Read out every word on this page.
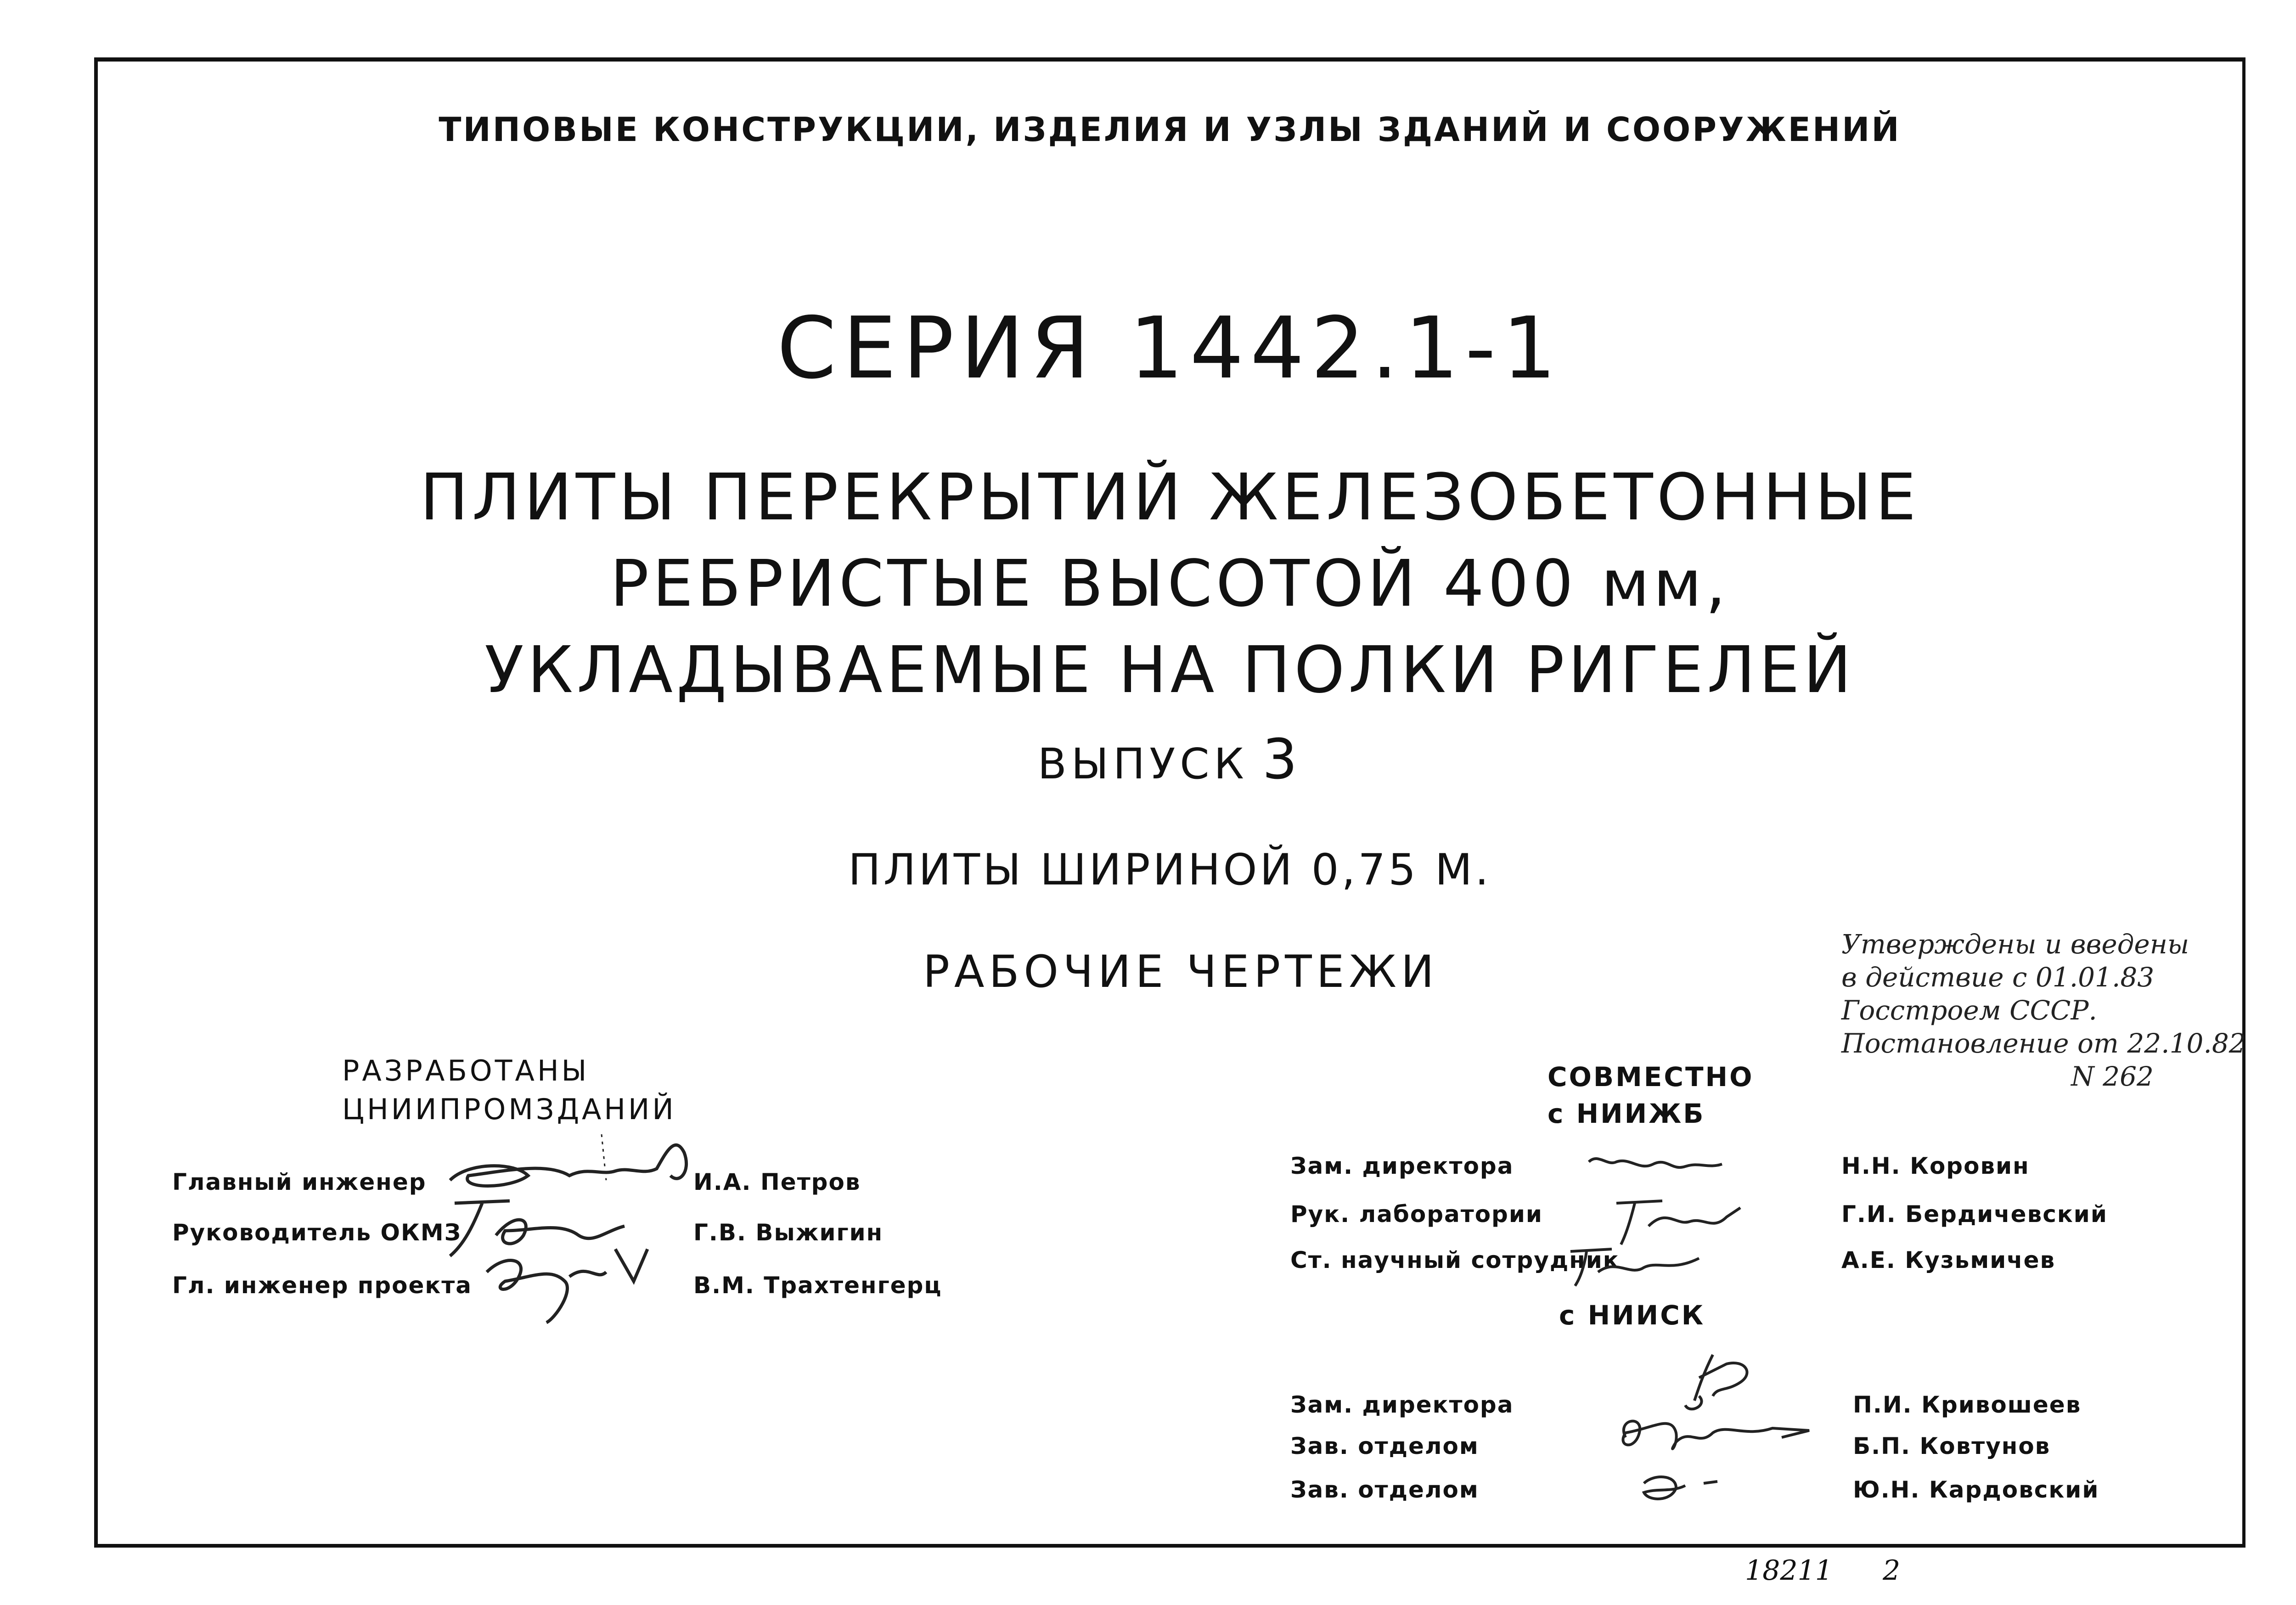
ТИПОВЫЕ КОНСТРУКЦИИ, ИЗДЕЛИЯ И УЗЛЫ ЗДАНИЙ И СООРУЖЕНИЙ
СЕРИЯ 1442.1-1
ПЛИТЫ ПЕРЕКРЫТИЙ ЖЕЛЕЗОБЕТОННЫЕ
РЕБРИСТЫЕ ВЫСОТОЙ 400 мм,
УКЛАДЫВАЕМЫЕ НА ПОЛКИ РИГЕЛЕЙ
ВЫПУСК 3
ПЛИТЫ ШИРИНОЙ 0,75 М.
РАБОЧИЕ ЧЕРТЕЖИ
Утверждены и введены
в действие с 01.01.83
Госстроем СССР.
Постановление от 22.10.82
N 262
РАЗРАБОТАНЫ
ЦНИИПРОМЗДАНИЙ
Главный инженер	И.А. Петров
Руководитель ОКМЗ	Г.В. Выжигин
Гл. инженер проекта	В.М. Трахтенгерц
СОВМЕСТНО
с НИИЖБ
Зам. директора	Н.Н. Коровин
Рук. лаборатории	Г.И. Бердичевский
Ст. научный сотрудник	А.Е. Кузьмичев
с НИИСК
Зам. директора	П.И. Кривошеев
Зав. отделом	Б.П. Ковтунов
Зав. отделом	Ю.Н. Кардовский
18211 2
